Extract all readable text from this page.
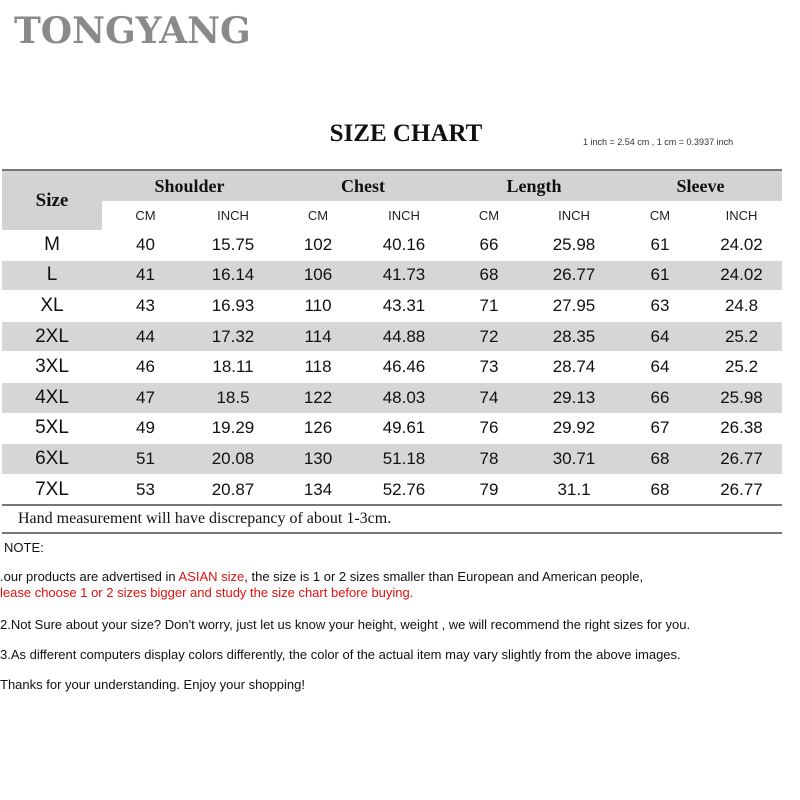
TONGYANG
SIZE CHART	1 inch = 2.54 cm , 1 cm = 0.3937 inch
Size	Shoulder		Chest		Length		Sleeve	
	CM	INCH	CM	INCH	CM	INCH	CM	INCH
M	40	15.75	102	40.16	66	25.98	61	24.02
L	41	16.14	106	41.73	68	26.77	61	24.02
XL	43	16.93	110	43.31	71	27.95	63	24.8
2XL	44	17.32	114	44.88	72	28.35	64	25.2
3XL	46	18.11	118	46.46	73	28.74	64	25.2
4XL	47	18.5	122	48.03	74	29.13	66	25.98
5XL	49	19.29	126	49.61	76	29.92	67	26.38
6XL	51	20.08	130	51.18	78	30.71	68	26.77
7XL	53	20.87	134	52.76	79	31.1	68	26.77
Hand measurement will have discrepancy of about 1-3cm.								
NOTE:
.our products are advertised in ASIAN size, the size is 1 or 2 sizes smaller than European and American people,
lease choose 1 or 2 sizes bigger and study the size chart before buying.
2.Not Sure about your size? Don't worry, just let us know your height, weight , we will recommend the right sizes for you.
3.As different computers display colors differently, the color of the actual item may vary slightly from the above images.
Thanks for your understanding. Enjoy your shopping!
